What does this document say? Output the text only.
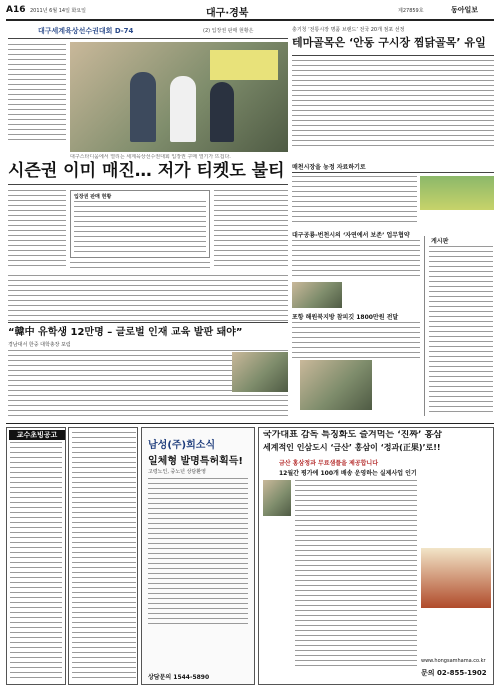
A16 2011년 6월 14일 화요일	대구·경북	제27859호	동아일보
대구세계육상선수권대회 D-74	(2) 입장권 판매 현황은
대구스타디움에서 열리는 세계육상선수권대회 입장권 구매 열기가 뜨겁다.
시즌권 이미 매진… 저가 티켓도 불티
입장권 판매 현황
“韓中 유학생 12만명 – 글로벌 인재 교육 발판 돼야”
경남대서 한중 대학총장 포럼
충기청 ‘전통시장 명품 브랜드’ 전국 20개 점포 선정
테마골목은 ‘안동 구시장 찜닭골목’ 유일
매천시장을 농정 자료하기로
대구공룡-번천시의 ‘자연에서 보존’ 업무협약
포항 해원북지방 참피깃 1800만원 전달
게시판
교수초빙공고
남성(주)희소식
일체형 발명특허획득!
고령노인, 중노년 상담환영
상담문의 1544-5890
국가대표 감독 특징화도 즐겨먹는 ‘진짜’ 홍삼
세계적인 인삼도시 ‘금산’ 홍삼이 ‘정과(正果)’로!!
금산 홍삼정과 무료샘플을 제공합니다
12월간 평가에 100개 배송 운영하는 실제사업 인기
www.hongsamhama.co.kr
문의 02-855-1902
